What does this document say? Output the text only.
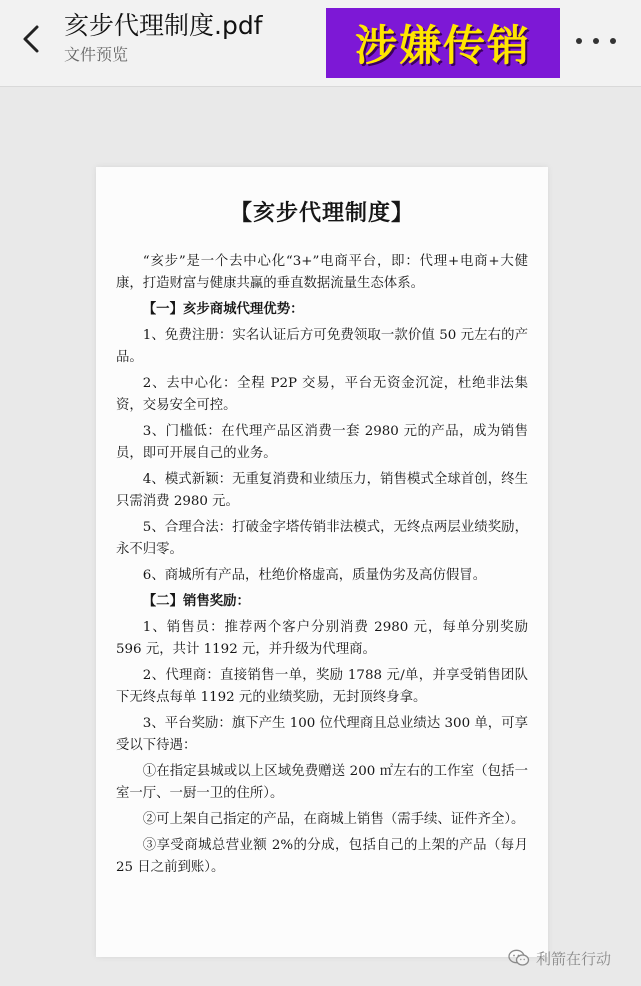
亥步代理制度.pdf
文件预览	涉嫌传销
【亥步代理制度】
“亥步”是一个去中心化“3+”电商平台，即：代理+电商+大健康，打造财富与健康共赢的垂直数据流量生态体系。
【一】亥步商城代理优势：
1、免费注册：实名认证后方可免费领取一款价值 50 元左右的产品。
2、去中心化：全程 P2P 交易，平台无资金沉淀，杜绝非法集资，交易安全可控。
3、门槛低：在代理产品区消费一套 2980 元的产品，成为销售员，即可开展自己的业务。
4、模式新颖：无重复消费和业绩压力，销售模式全球首创，终生只需消费 2980 元。
5、合理合法：打破金字塔传销非法模式，无终点两层业绩奖励，永不归零。
6、商城所有产品，杜绝价格虚高，质量伪劣及高仿假冒。
【二】销售奖励：
1、销售员：推荐两个客户分别消费 2980 元，每单分别奖励 596 元，共计 1192 元，并升级为代理商。
2、代理商：直接销售一单，奖励 1788 元/单，并享受销售团队下无终点每单 1192 元的业绩奖励，无封顶终身拿。
3、平台奖励：旗下产生 100 位代理商且总业绩达 300 单，可享受以下待遇：
①在指定县城或以上区域免费赠送 200 ㎡左右的工作室（包括一室一厅、一厨一卫的住所）。
②可上架自己指定的产品，在商城上销售（需手续、证件齐全）。
③享受商城总营业额 2%的分成，包括自己的上架的产品（每月 25 日之前到账）。
利箭在行动
